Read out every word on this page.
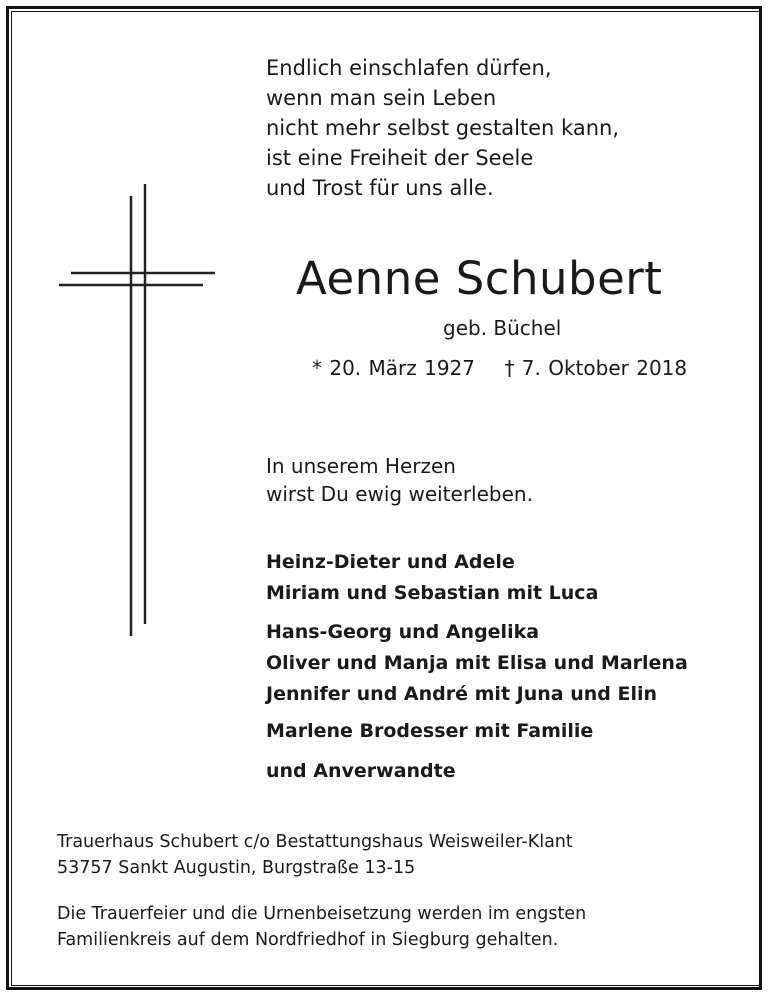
Endlich einschlafen dürfen,
wenn man sein Leben
nicht mehr selbst gestalten kann,
ist eine Freiheit der Seele
und Trost für uns alle.
Aenne Schubert
geb. Büchel
* 20. März 1927    † 7. Oktober 2018
In unserem Herzen
wirst Du ewig weiterleben.
Heinz-Dieter und Adele
Miriam und Sebastian mit Luca
Hans-Georg und Angelika
Oliver und Manja mit Elisa und Marlena
Jennifer und André mit Juna und Elin
Marlene Brodesser mit Familie
und Anverwandte
Trauerhaus Schubert c/o Bestattungshaus Weisweiler-Klant
53757 Sankt Augustin, Burgstraße 13-15
Die Trauerfeier und die Urnenbeisetzung werden im engsten
Familienkreis auf dem Nordfriedhof in Siegburg gehalten.
